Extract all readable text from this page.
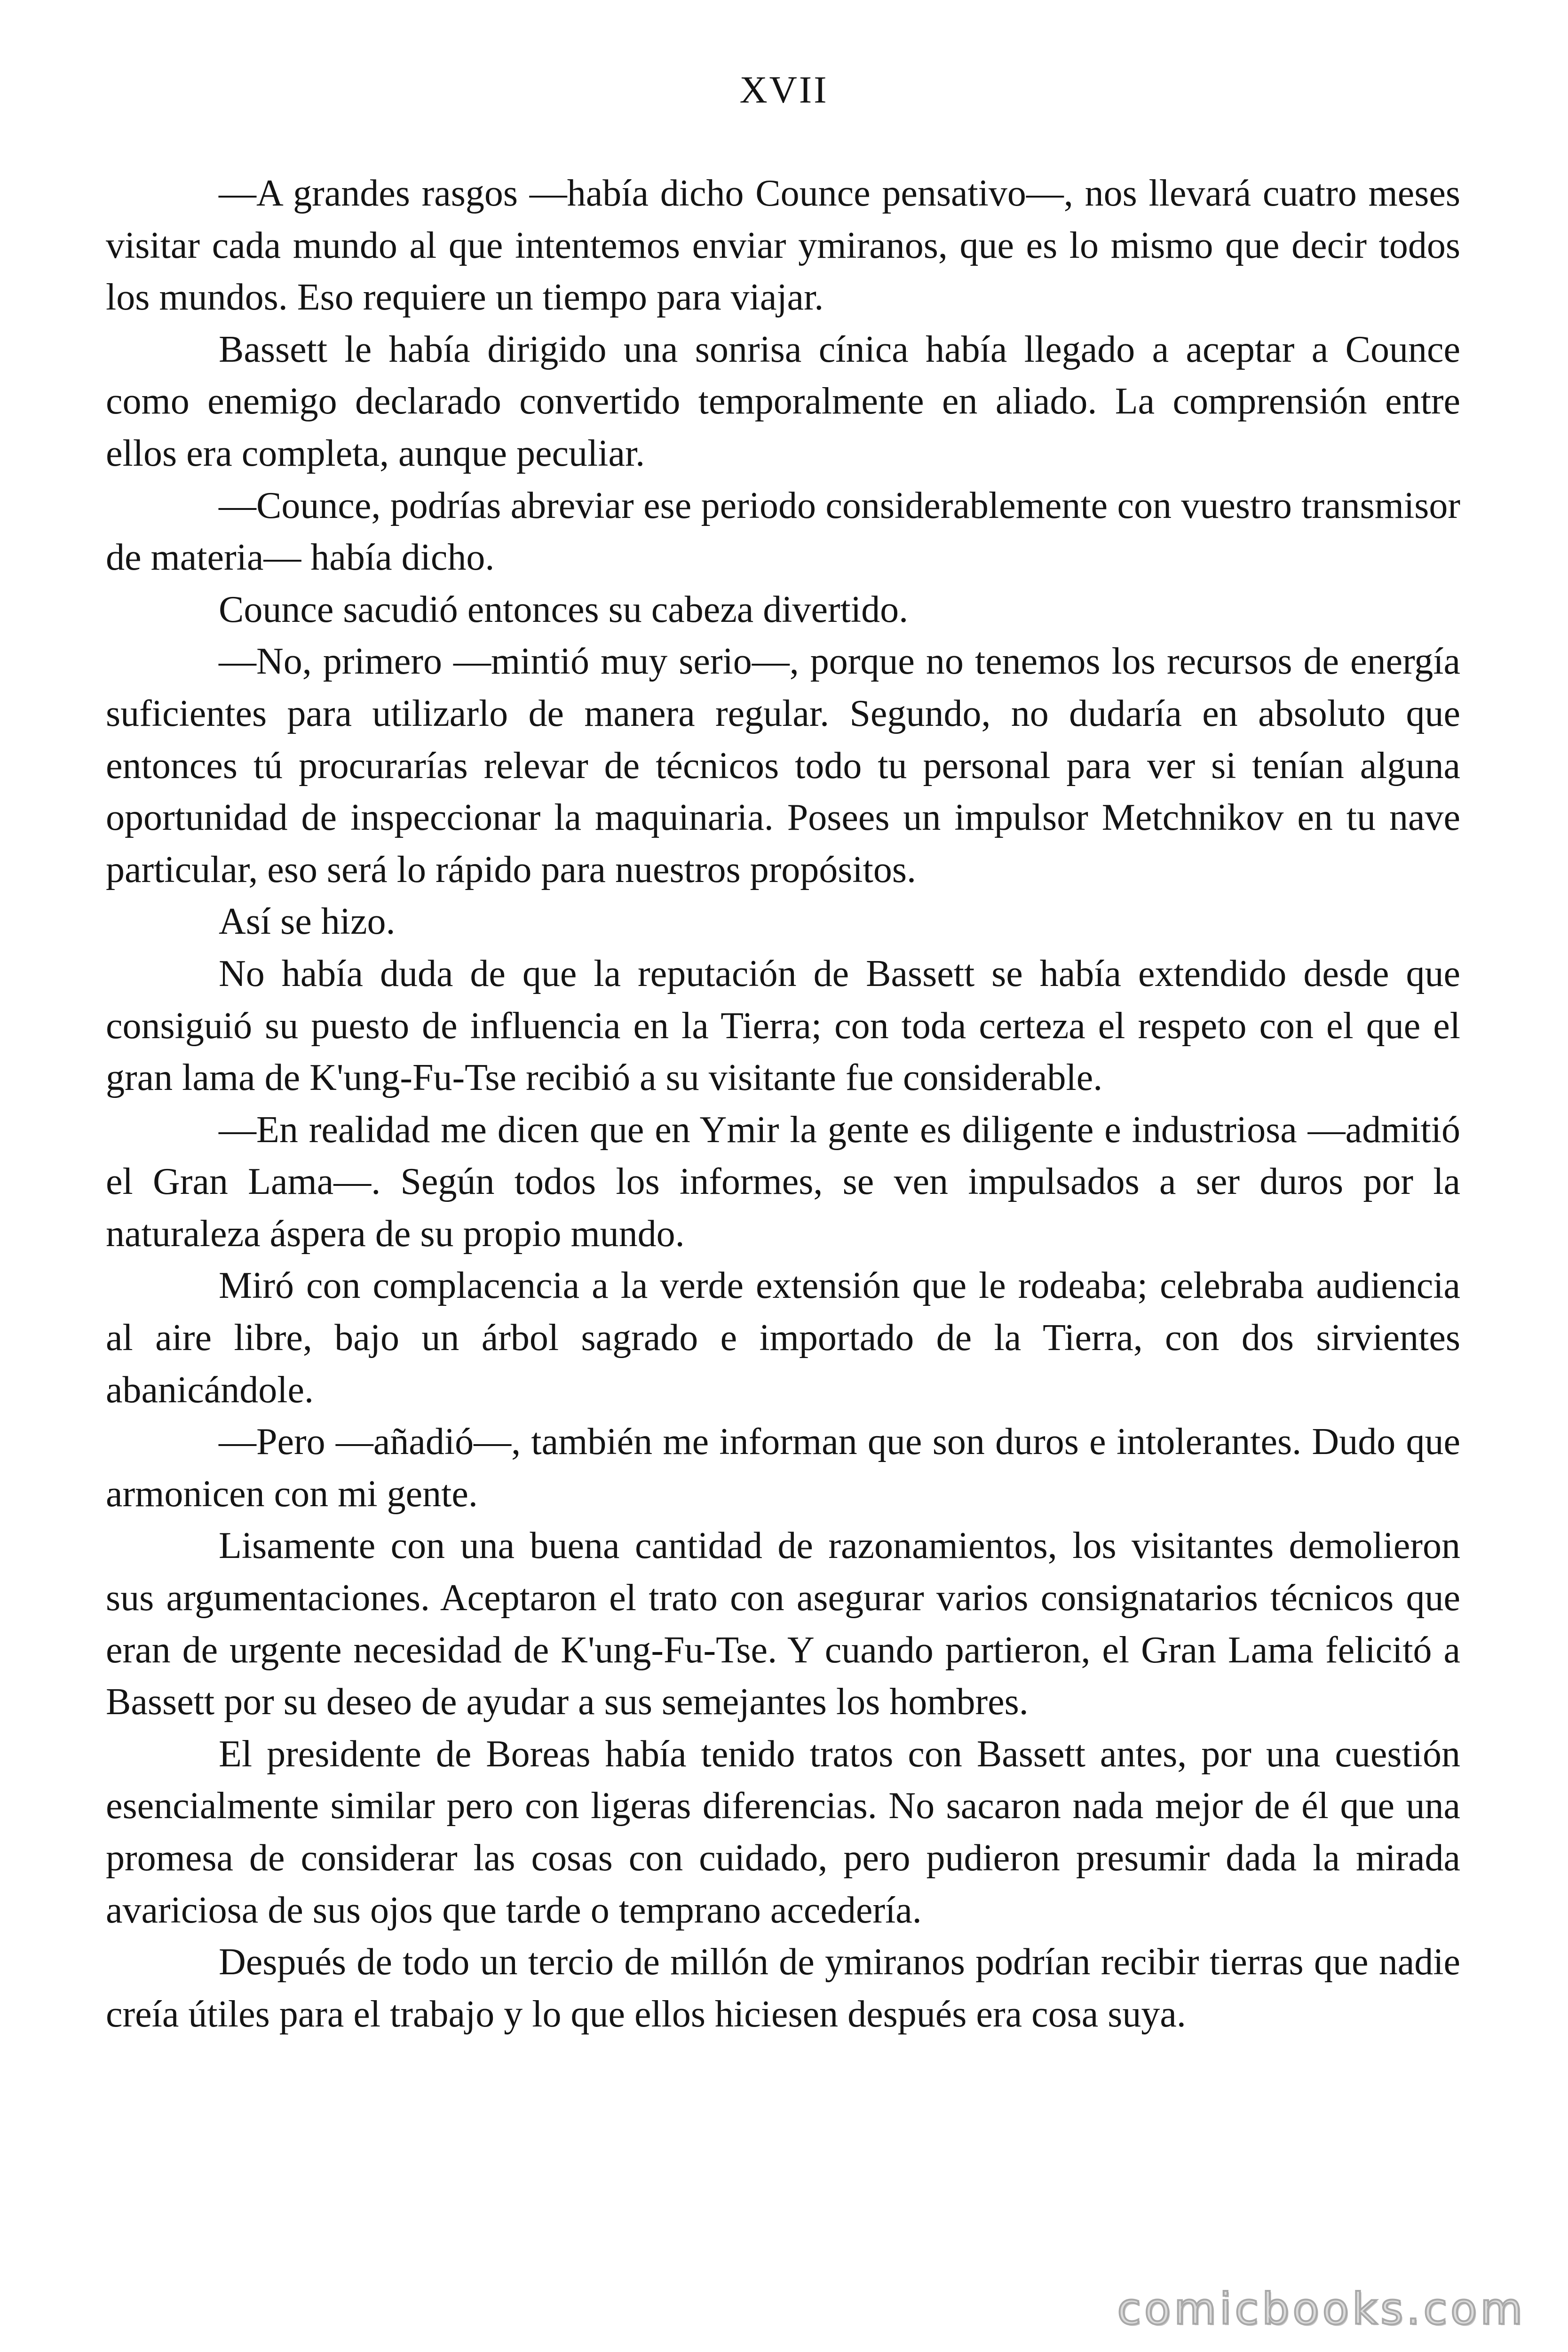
XVII

—A grandes rasgos —había dicho Counce pensativo—, nos llevará cuatro meses visitar cada mundo al que intentemos enviar ymiranos, que es lo mismo que decir todos los mundos. Eso requiere un tiempo para viajar.

Bassett le había dirigido una sonrisa cínica había llegado a aceptar a Counce como enemigo declarado convertido temporalmente en aliado. La comprensión entre ellos era completa, aunque peculiar.

—Counce, podrías abreviar ese periodo considerablemente con vuestro transmisor de materia— había dicho.

Counce sacudió entonces su cabeza divertido.

—No, primero —mintió muy serio—, porque no tenemos los recursos de energía suficientes para utilizarlo de manera regular. Segundo, no dudaría en absoluto que entonces tú procurarías relevar de técnicos todo tu personal para ver si tenían alguna oportunidad de inspeccionar la maquinaria. Posees un impulsor Metchnikov en tu nave particular, eso será lo rápido para nuestros propósitos.

Así se hizo.

No había duda de que la reputación de Bassett se había extendido desde que consiguió su puesto de influencia en la Tierra; con toda certeza el respeto con el que el gran lama de K'ung-Fu-Tse recibió a su visitante fue considerable.

—En realidad me dicen que en Ymir la gente es diligente e industriosa —admitió el Gran Lama—. Según todos los informes, se ven impulsados a ser duros por la naturaleza áspera de su propio mundo.

Miró con complacencia a la verde extensión que le rodeaba; celebraba audiencia al aire libre, bajo un árbol sagrado e importado de la Tierra, con dos sirvientes abanicándole.

—Pero —añadió—, también me informan que son duros e intolerantes. Dudo que armonicen con mi gente.

Lisamente con una buena cantidad de razonamientos, los visitantes demolieron sus argumentaciones. Aceptaron el trato con asegurar varios consignatarios técnicos que eran de urgente necesidad de K'ung-Fu-Tse. Y cuando partieron, el Gran Lama felicitó a Bassett por su deseo de ayudar a sus semejantes los hombres.

El presidente de Boreas había tenido tratos con Bassett antes, por una cuestión esencialmente similar pero con ligeras diferencias. No sacaron nada mejor de él que una promesa de considerar las cosas con cuidado, pero pudieron presumir dada la mirada avariciosa de sus ojos que tarde o temprano accedería.

Después de todo un tercio de millón de ymiranos podrían recibir tierras que nadie creía útiles para el trabajo y lo que ellos hiciesen después era cosa suya.

comicbooks.com
